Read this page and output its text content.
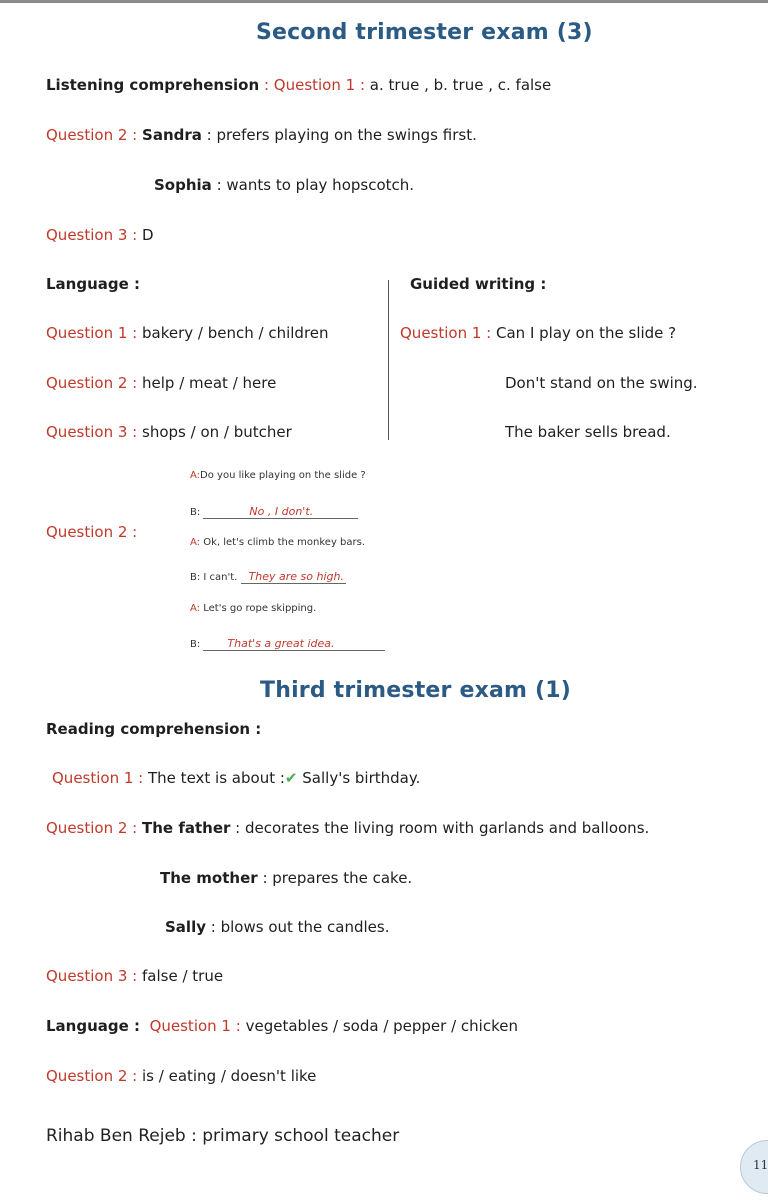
Second trimester exam (3)
Listening comprehension : Question 1 : a. true , b. true , c. false
Question 2 : Sandra : prefers playing on the swings first.
Sophia : wants to play hopscotch.
Question 3 : D
Language :	Guided writing :
Question 1 : bakery / bench / children
Question 2 : help / meat / here
Question 3 : shops / on / butcher
Question 1 : Can I play on the slide ?
Don't stand on the swing.
The baker sells bread.
Question 2 :
A:Do you like playing on the slide ?
B:	No , I don't.
A: Ok, let's climb the monkey bars.
B: I can't. They are so high.
A: Let's go rope skipping.
B: That's a great idea.
Third trimester exam (1)
Reading comprehension :
Question 1 : The text is about :✔ Sally's birthday.
Question 2 : The father : decorates the living room with garlands and balloons.
The mother : prepares the cake.
Sally : blows out the candles.
Question 3 : false / true
Language : Question 1 : vegetables / soda / pepper / chicken
Question 2 : is / eating / doesn't like
Rihab Ben Rejeb : primary school teacher
11
